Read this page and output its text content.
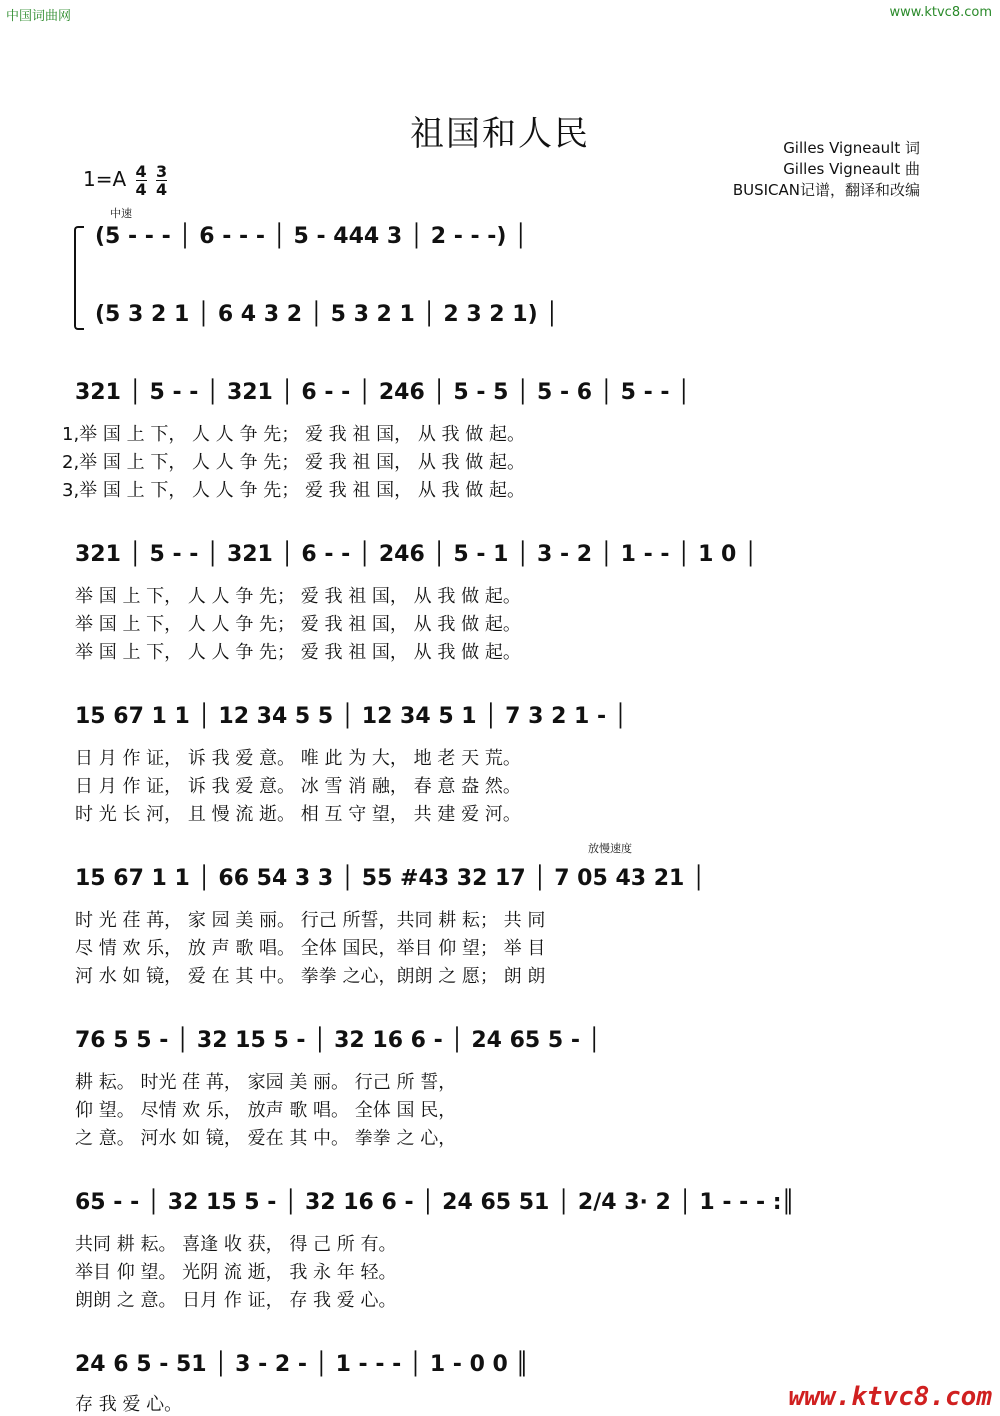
中国词曲网	www.ktvc8.com
祖国和人民	Gilles Vigneault 词
Gilles Vigneault 曲
BUSICAN记谱，翻译和改编
$1=A \frac{4}{4}$
$\frac{3}{4}$
中速
(5 - - - │ 6 - - - │ 5 - 444 3 │ 2 - - -) │
(5 3 2 1 │ 6 4 3 2 │ 5 3 2 1 │ 2 3 2 1) │
321 │ 5 - - │ 321 │ 6 - - │ 246 │ 5 - 5 │ 5 - 6 │ 5 - - │
1,举 国 上 下， 人 人 争 先； 爱 我 祖 国， 从 我 做 起。
2,举 国 上 下， 人 人 争 先； 爱 我 祖 国， 从 我 做 起。
3,举 国 上 下， 人 人 争 先； 爱 我 祖 国， 从 我 做 起。
321 │ 5 - - │ 321 │ 6 - - │ 246 │ 5 - 1 │ 3 - 2 │ 1 - - │ 1 0 │
举 国 上 下， 人 人 争 先； 爱 我 祖 国， 从 我 做 起。
举 国 上 下， 人 人 争 先； 爱 我 祖 国， 从 我 做 起。
举 国 上 下， 人 人 争 先； 爱 我 祖 国， 从 我 做 起。
15 67 1 1 │ 12 34 5 5 │ 12 34 5 1 │ 7 3 2 1 - │
日 月 作 证， 诉 我 爱 意。 唯 此 为 大， 地 老 天 荒。
日 月 作 证， 诉 我 爱 意。 冰 雪 消 融， 春 意 盎 然。
时 光 长 河， 且 慢 流 逝。 相 互 守 望， 共 建 爱 河。
放慢速度
15 67 1 1 │ 66 54 3 3 │ 55 #43 32 17 │ 7 05 43 21 │
时 光 荏 苒， 家 园 美 丽。 行己 所誓，共同 耕 耘； 共 同
尽 情 欢 乐， 放 声 歌 唱。 全体 国民，举目 仰 望； 举 目
河 水 如 镜， 爱 在 其 中。 拳拳 之心，朗朗 之 愿； 朗 朗
76 5 5 - │ 32 15 5 - │ 32 16 6 - │ 24 65 5 - │
耕 耘。 时光 荏 苒， 家园 美 丽。 行己 所 誓，
仰 望。 尽情 欢 乐， 放声 歌 唱。 全体 国 民，
之 意。 河水 如 镜， 爱在 其 中。 拳拳 之 心，
65 - - │ 32 15 5 - │ 32 16 6 - │ 24 65 51 │ 2/4 3· 2 │ 1 - - - :║
共同 耕 耘。 喜逢 收 获， 得 己 所 有。
举目 仰 望。 光阴 流 逝， 我 永 年 轻。
朗朗 之 意。 日月 作 证， 存 我 爱 心。
24 6 5 - 51 │ 3 - 2 - │ 1 - - - │ 1 - 0 0 ║
存 我 爱 心。	www.ktvc8.com
